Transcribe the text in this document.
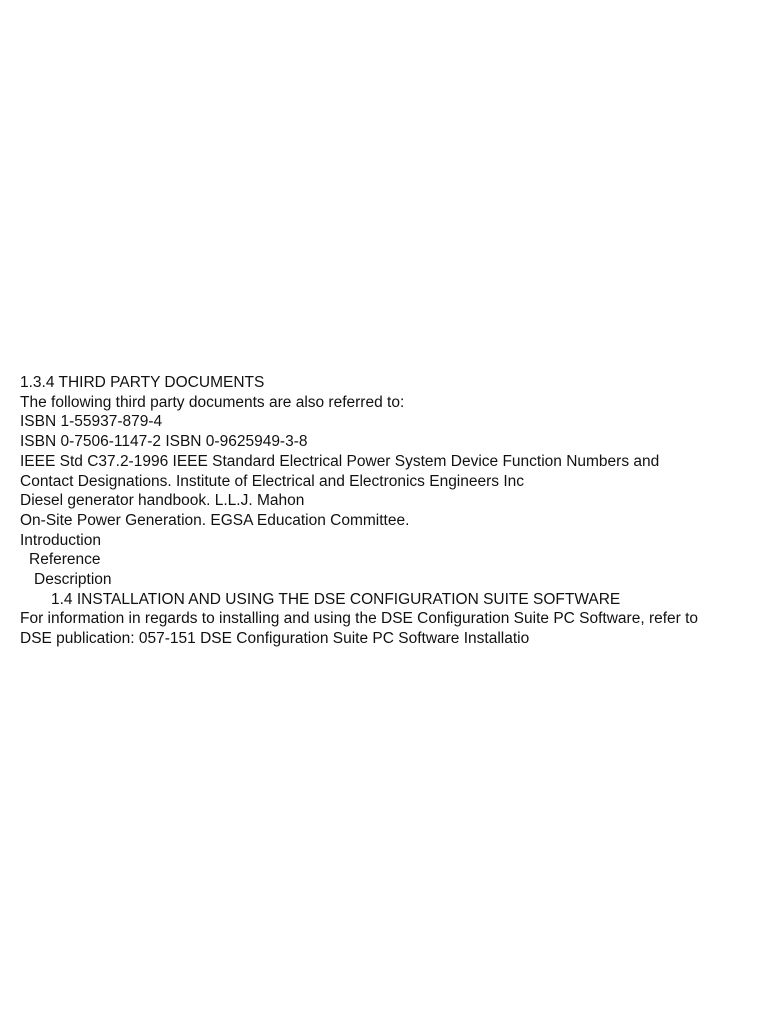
1.3.4 THIRD PARTY DOCUMENTS
The following third party documents are also referred to:
ISBN 1-55937-879-4
ISBN 0-7506-1147-2 ISBN 0-9625949-3-8
IEEE Std C37.2-1996 IEEE Standard Electrical Power System Device Function Numbers and
Contact Designations. Institute of Electrical and Electronics Engineers Inc
Diesel generator handbook. L.L.J. Mahon
On-Site Power Generation. EGSA Education Committee.
Introduction
Reference
Description
1.4 INSTALLATION AND USING THE DSE CONFIGURATION SUITE SOFTWARE
For information in regards to installing and using the DSE Configuration Suite PC Software, refer to
DSE publication: 057-151 DSE Configuration Suite PC Software Installatio
